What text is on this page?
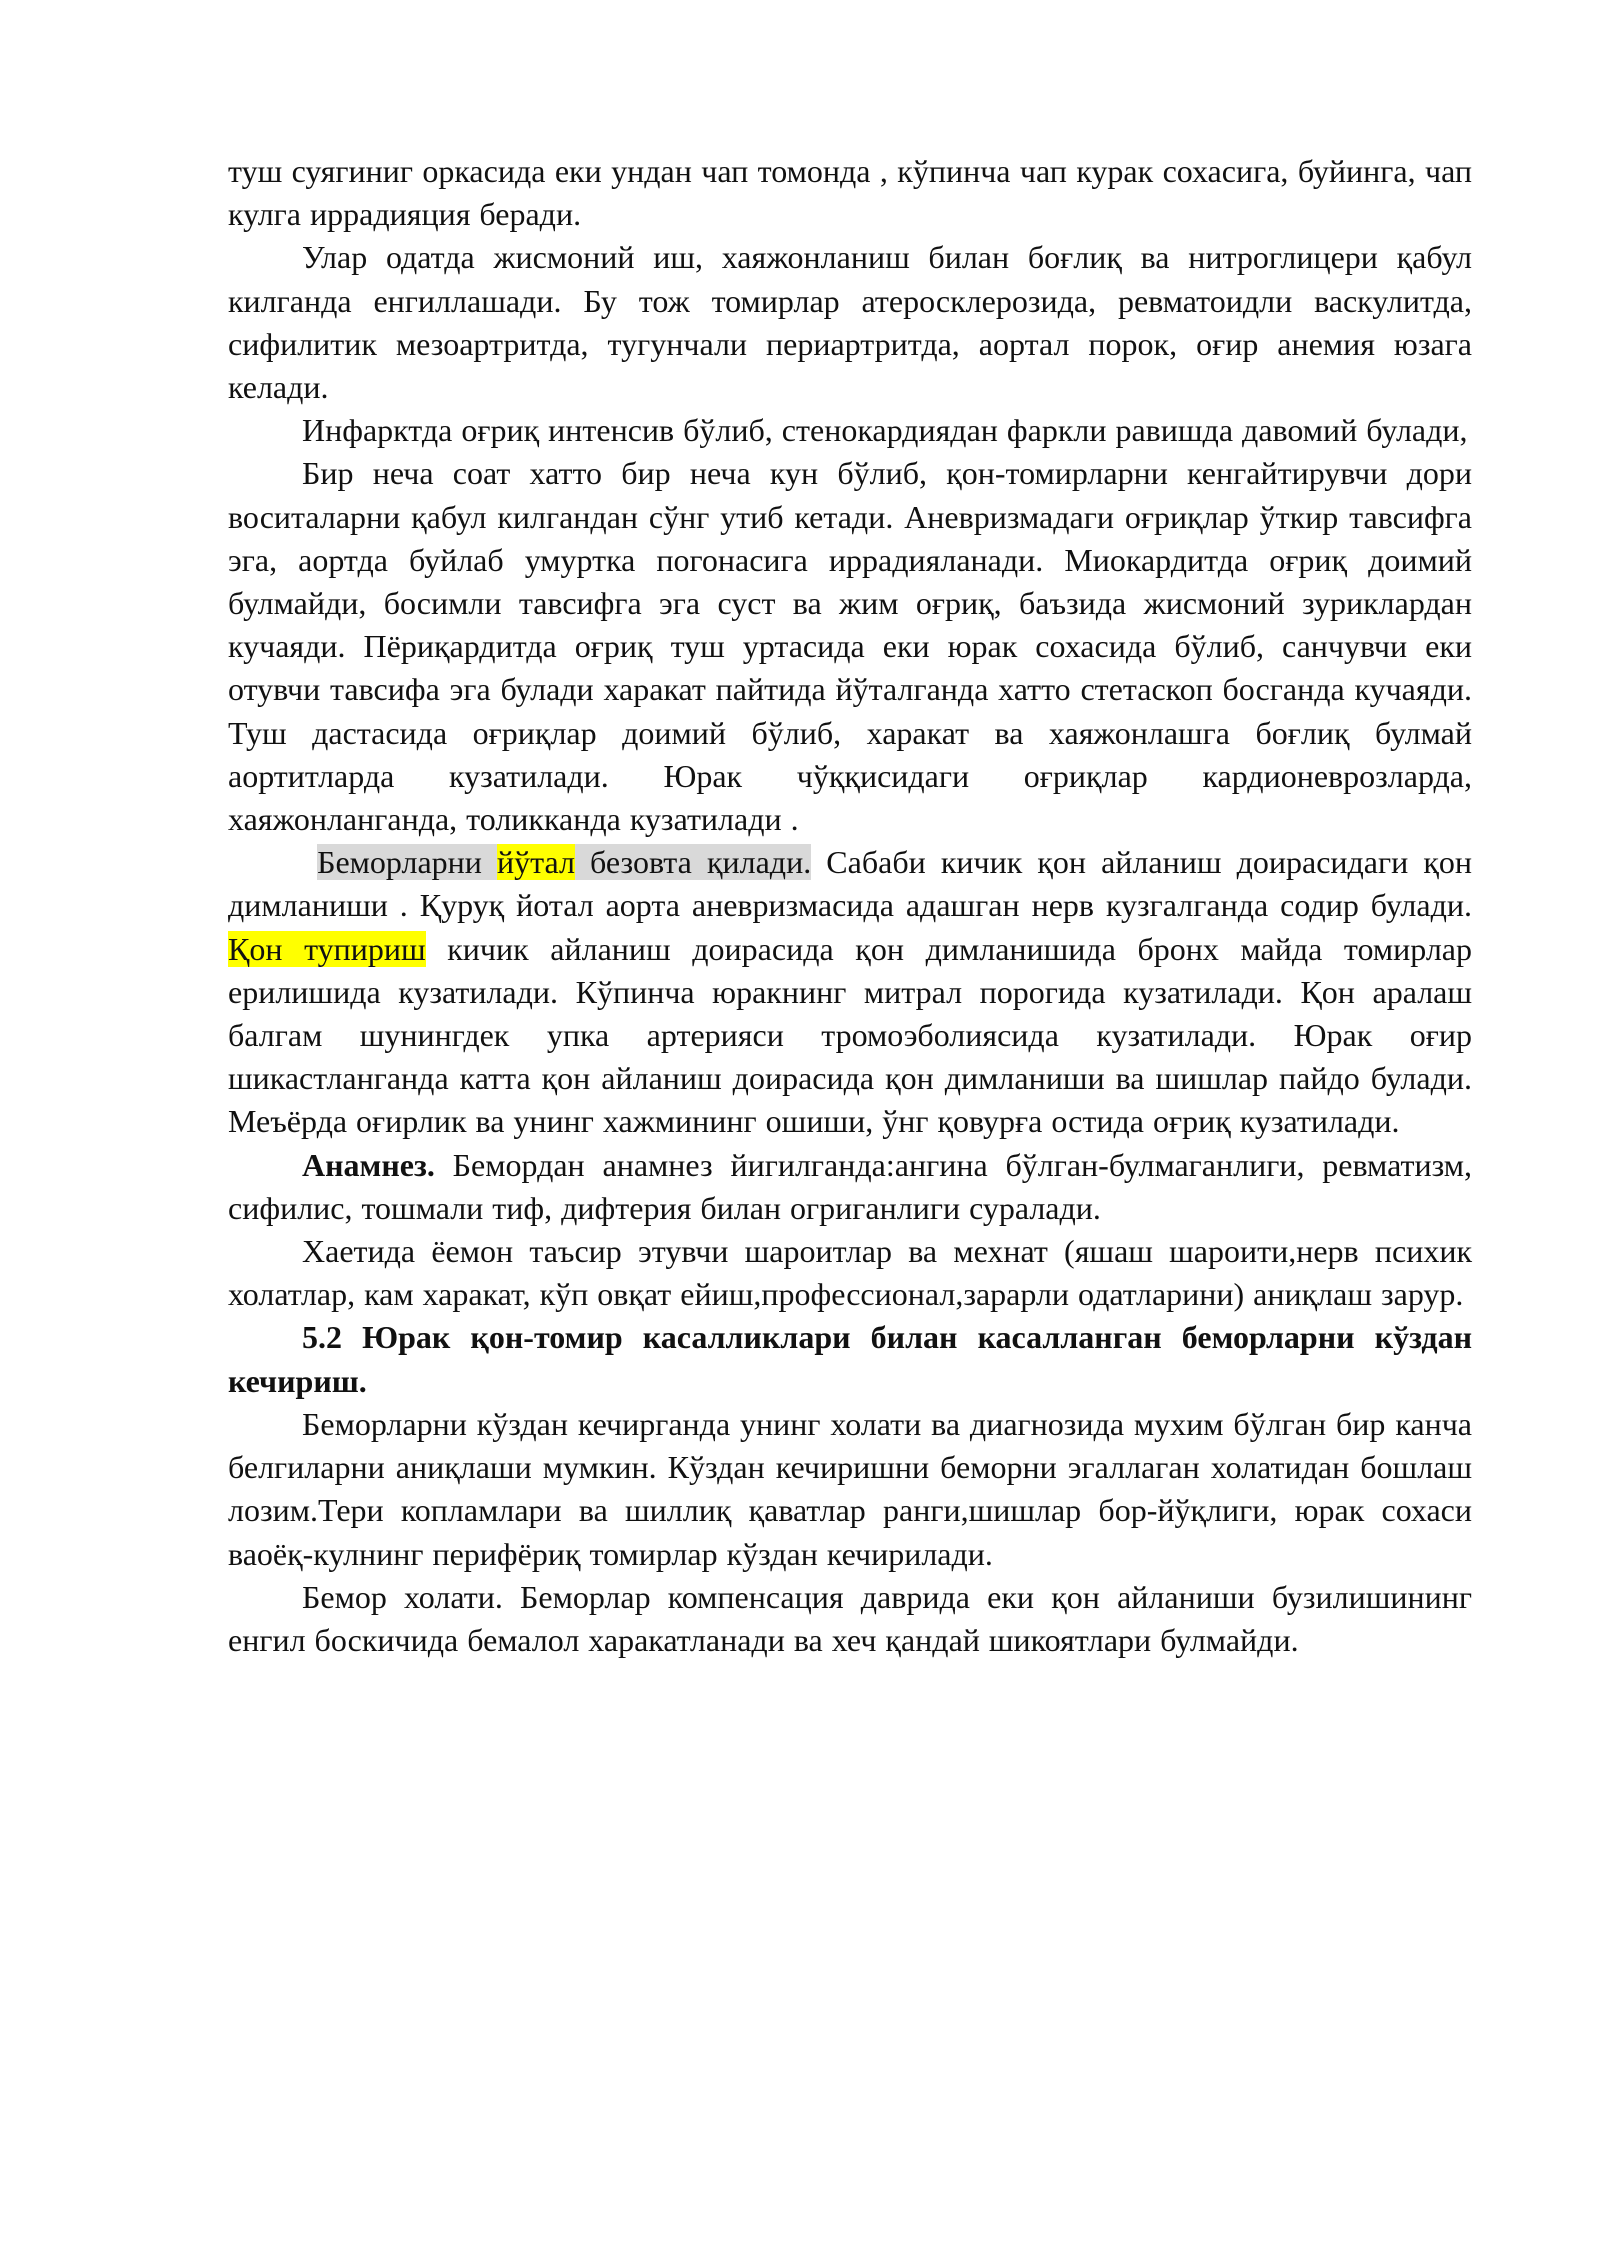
туш суягиниг оркасида еки ундан чап томонда , кўпинча чап курак сохасига, буйинга, чап кулга иррадияция беради.

Улар одатда жисмоний иш, хаяжонланиш билан боғлиқ ва нитроглицери қабул килганда енгиллашади. Бу тож томирлар атеросклерозида, ревматоидли васкулитда, сифилитик мезоартритда, тугунчали периартритда, аортал порок, оғир анемия юзага келади.

Инфарктда оғриқ интенсив бўлиб, стенокардиядан фаркли равишда давомий булади,

Бир неча соат хатто бир неча кун бўлиб, қон-томирларни кенгайтирувчи дори воситаларни қабул килгандан сўнг утиб кетади. Аневризмадаги оғриқлар ўткир тавсифга эга, аортда буйлаб умуртка погонасига иррадияланади. Миокардитда оғриқ доимий булмайди, босимли тавсифга эга суст ва жим оғриқ, баъзида жисмоний зуриклардан кучаяди. Пёриқардитда оғриқ туш уртасида еки юрак сохасида бўлиб, санчувчи еки отувчи тавсифа эга булади харакат пайтида йўталганда хатто стетаскоп босганда кучаяди. Туш дастасида оғриқлар доимий бўлиб, харакат ва хаяжонлашга боғлиқ булмай аортитларда кузатилади. Юрак чўққисидаги оғриқлар кардионеврозларда, хаяжонланганда, толикканда кузатилади .

Беморларни йўтал безовта қилади. Сабаби кичик қон айланиш доирасидаги қон димланиши . Қуруқ йотал аорта аневризмасида адашган нерв кузгалганда содир булади. Қон тупириш кичик айланиш доирасида қон димланишида бронх майда томирлар ерилишида кузатилади. Кўпинча юракнинг митрал порогида кузатилади. Қон аралаш балгам шунингдек упка артерияси тромоэболиясида кузатилади. Юрак оғир шикастланганда катта қон айланиш доирасида қон димланиши ва шишлар пайдо булади. Меъёрда оғирлик ва унинг хажмининг ошиши, ўнг қовурға остида оғриқ кузатилади.

Анамнез. Бемордан анамнез йигилганда:ангина бўлган-булмаганлиги, ревматизм, сифилис, тошмали тиф, дифтерия билан огриганлиги суралади.

Хаетида ёемон таъсир этувчи шароитлар ва мехнат (яшаш шароити,нерв психик холатлар, кам харакат, кўп овқат ейиш,профессионал,зарарли одатларини) аниқлаш зарур.

5.2 Юрак қон-томир касалликлари билан касалланган беморларни кўздан кечириш.

Беморларни кўздан кечирганда унинг холати ва диагнозида мухим бўлган бир канча белгиларни аниқлаши мумкин. Кўздан кечиришни беморни эгаллаган холатидан бошлаш лозим.Тери копламлари ва шиллиқ қаватлар ранги,шишлар бор-йўқлиги, юрак сохаси ваоёқ-кулнинг перифёриқ томирлар кўздан кечирилади.

Бемор холати. Беморлар компенсация даврида еки қон айланиши бузилишининг енгил боскичида бемалол харакатланади ва хеч қандай шикоятлари булмайди.
